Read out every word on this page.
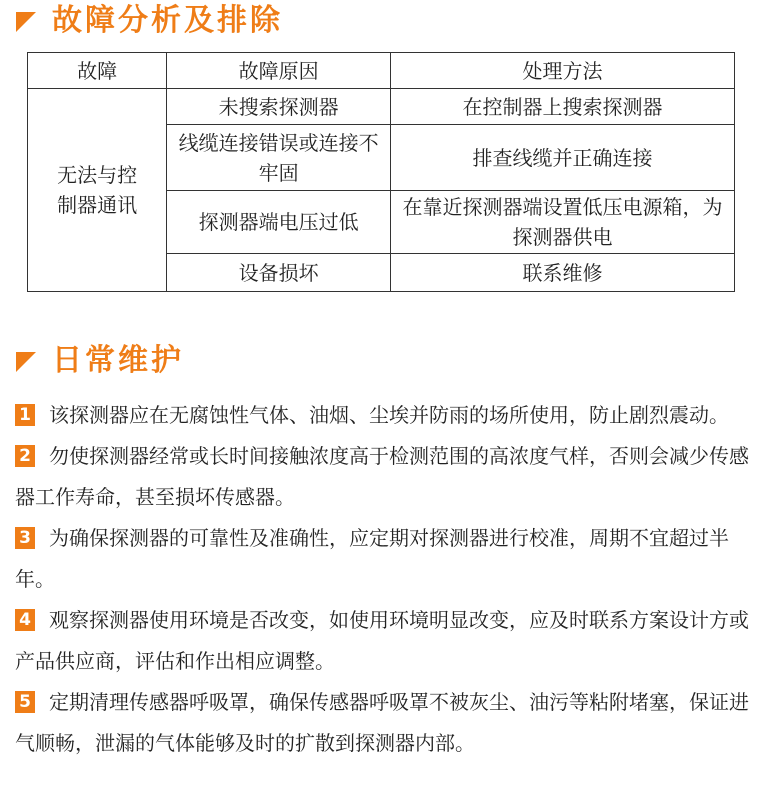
故障分析及排除
故障	故障原因	处理方法
无法与控
制器通讯	未搜索探测器	在控制器上搜索探测器
	线缆连接错误或连接不牢固	排查线缆并正确连接
	探测器端电压过低	在靠近探测器端设置低压电源箱，为探测器供电
	设备损坏	联系维修
日常维护

1 该探测器应在无腐蚀性气体、油烟、尘埃并防雨的场所使用，防止剧烈震动。

2 勿使探测器经常或长时间接触浓度高于检测范围的高浓度气样，否则会减少传感器工作寿命，甚至损坏传感器。

3 为确保探测器的可靠性及准确性，应定期对探测器进行校准，周期不宜超过半年。

4 观察探测器使用环境是否改变，如使用环境明显改变，应及时联系方案设计方或产品供应商，评估和作出相应调整。

5 定期清理传感器呼吸罩，确保传感器呼吸罩不被灰尘、油污等粘附堵塞，保证进气顺畅，泄漏的气体能够及时的扩散到探测器内部。
